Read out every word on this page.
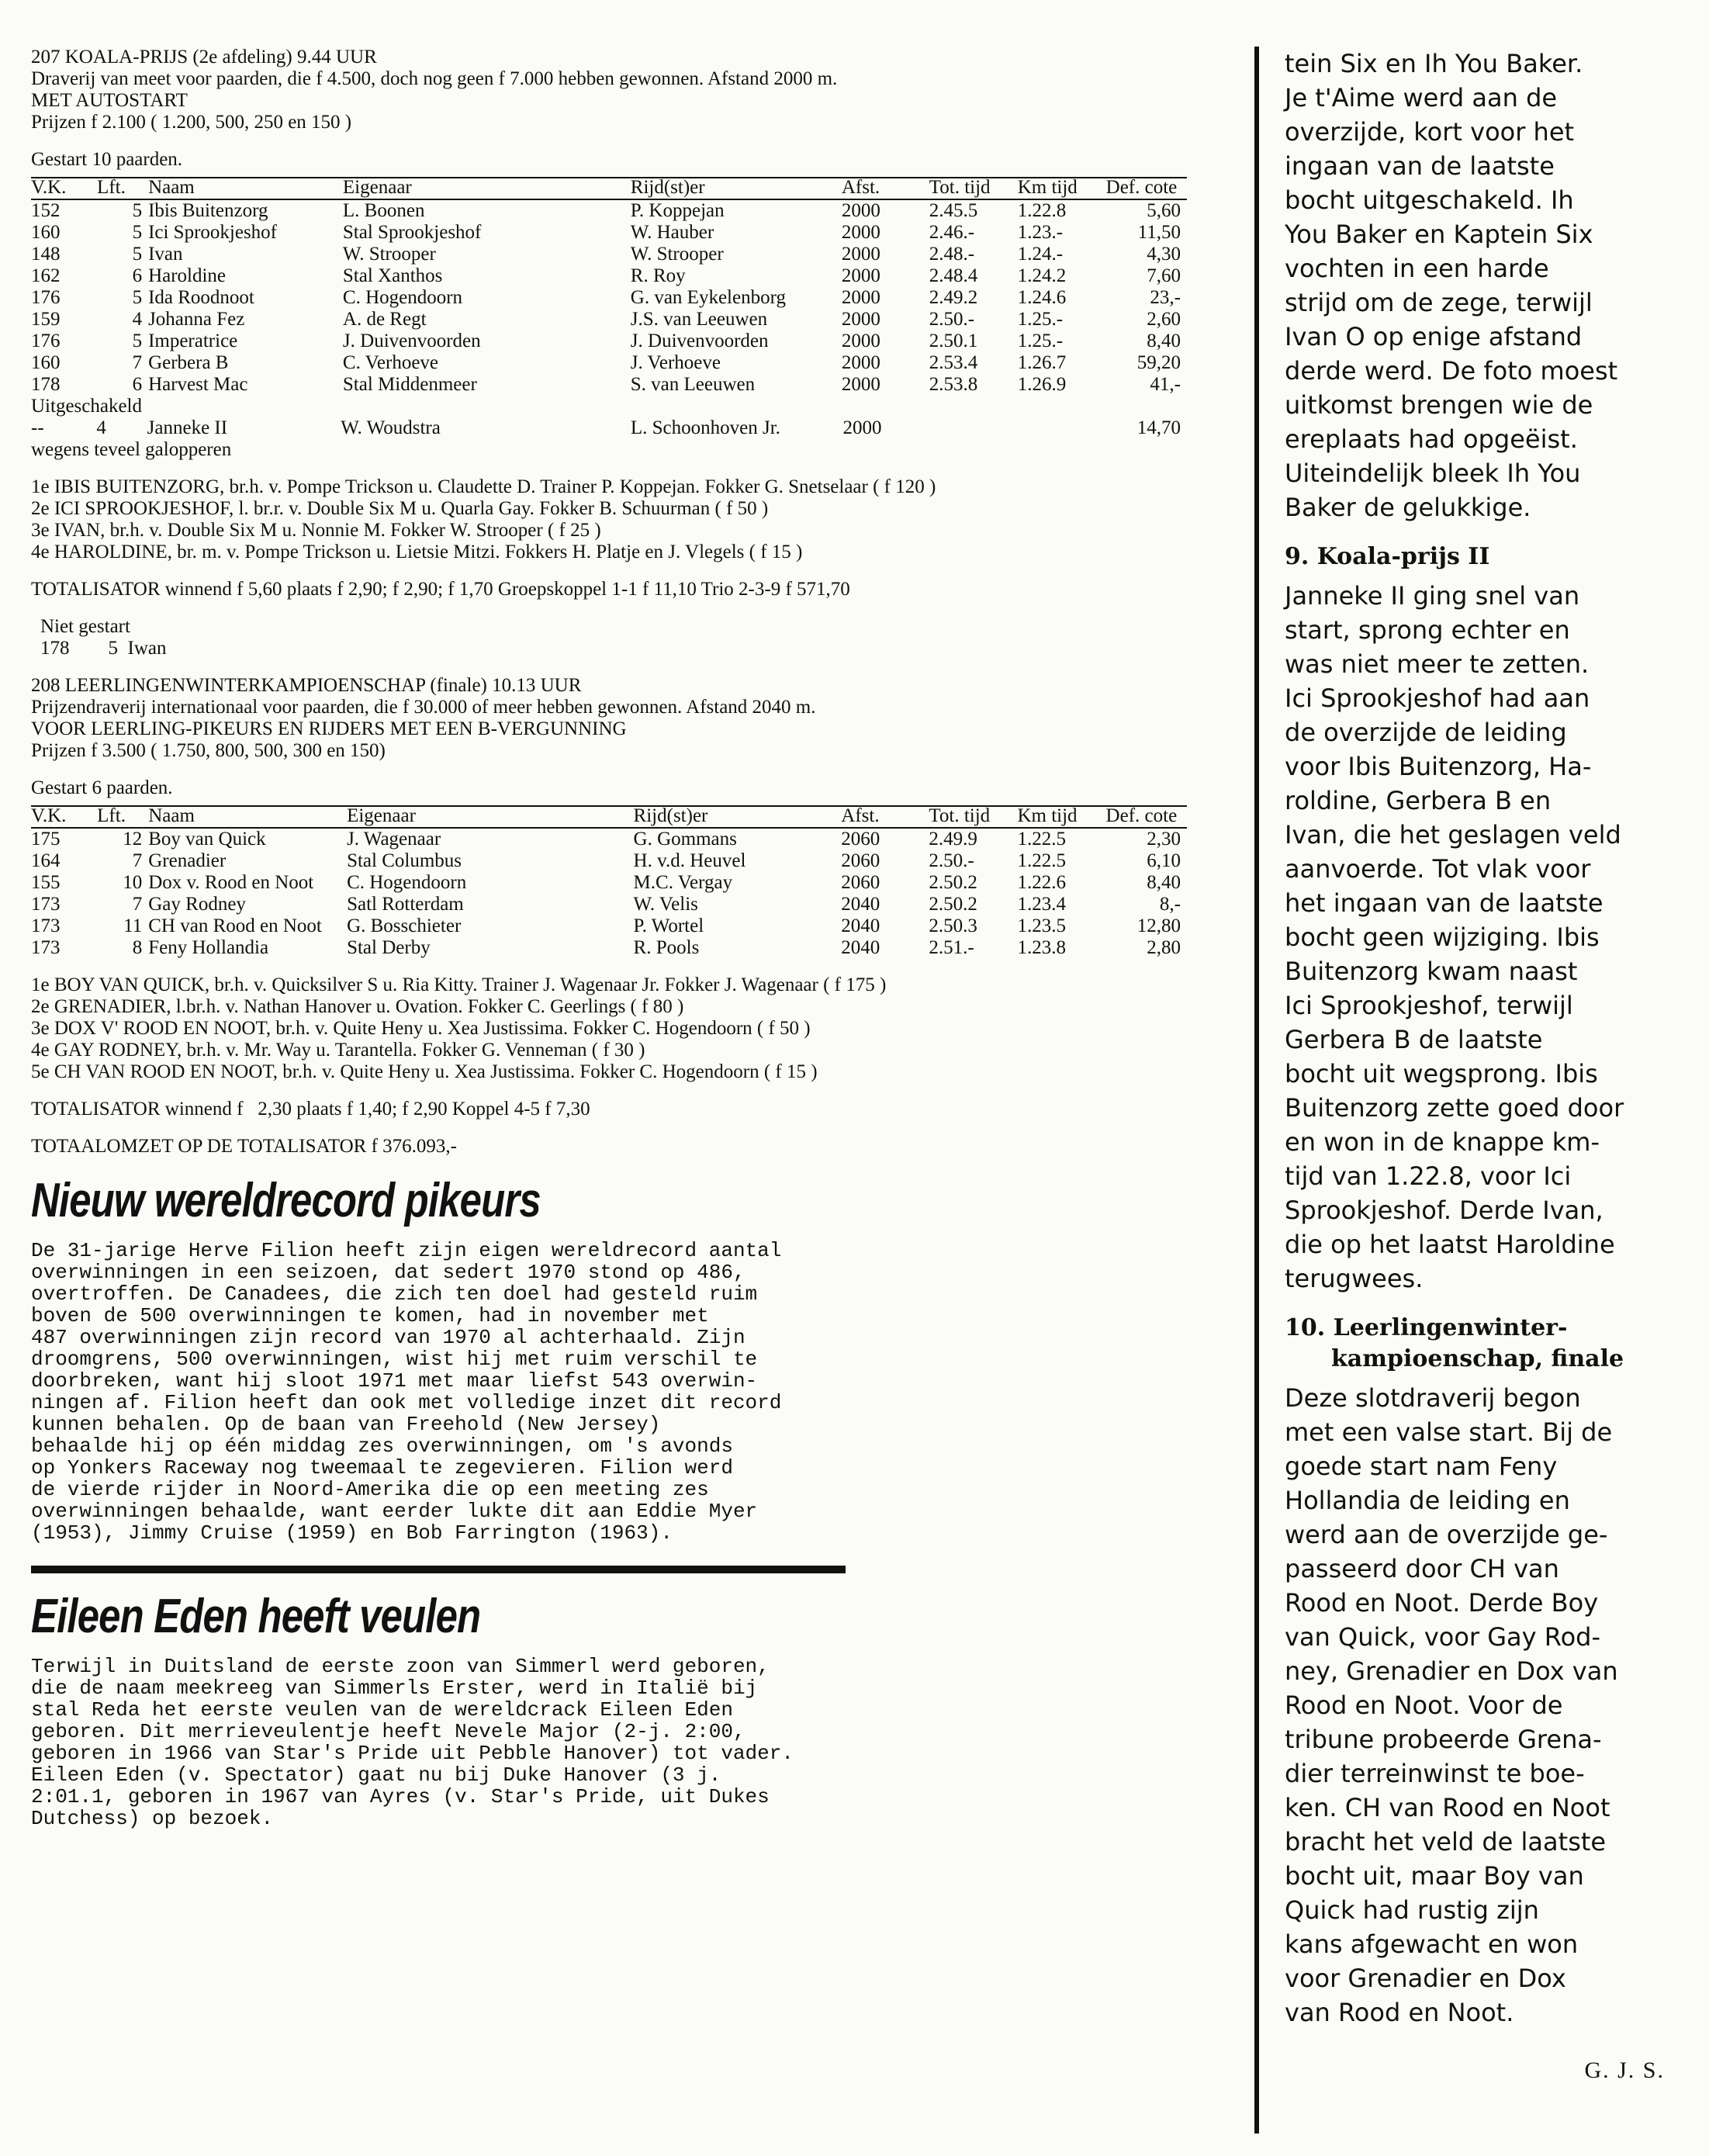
207 KOALA-PRIJS (2e afdeling) 9.44 UUR
Draverij van meet voor paarden, die f 4.500, doch nog geen f 7.000 hebben gewonnen. Afstand 2000 m.
MET AUTOSTART
Prijzen f 2.100 ( 1.200, 500, 250 en 150 )
Gestart 10 paarden.
V.K.	Lft.	Naam	Eigenaar	Rijd(st)er	Afst.	Tot. tijd	Km tijd	Def. cote
152	5	Ibis Buitenzorg	L. Boonen	P. Koppejan	2000	2.45.5	1.22.8	5,60
160	5	Ici Sprookjeshof	Stal Sprookjeshof	W. Hauber	2000	2.46.-	1.23.-	11,50
148	5	Ivan	W. Strooper	W. Strooper	2000	2.48.-	1.24.-	4,30
162	6	Haroldine	Stal Xanthos	R. Roy	2000	2.48.4	1.24.2	7,60
176	5	Ida Roodnoot	C. Hogendoorn	G. van Eykelenborg	2000	2.49.2	1.24.6	23,-
159	4	Johanna Fez	A. de Regt	J.S. van Leeuwen	2000	2.50.-	1.25.-	2,60
176	5	Imperatrice	J. Duivenvoorden	J. Duivenvoorden	2000	2.50.1	1.25.-	8,40
160	7	Gerbera B	C. Verhoeve	J. Verhoeve	2000	2.53.4	1.26.7	59,20
178	6	Harvest Mac	Stal Middenmeer	S. van Leeuwen	2000	2.53.8	1.26.9	41,-
Uitgeschakeld
--	4	Janneke II	W. Woudstra	L. Schoonhoven Jr.	2000			14,70
wegens teveel galopperen
1e IBIS BUITENZORG, br.h. v. Pompe Trickson u. Claudette D. Trainer P. Koppejan. Fokker G. Snetselaar ( f 120 )
2e ICI SPROOKJESHOF, l. br.r. v. Double Six M u. Quarla Gay. Fokker B. Schuurman ( f 50 )
3e IVAN, br.h. v. Double Six M u. Nonnie M. Fokker W. Strooper ( f 25 )
4e HAROLDINE, br. m. v. Pompe Trickson u. Lietsie Mitzi. Fokkers H. Platje en J. Vlegels ( f 15 )
TOTALISATOR winnend f 5,60 plaats f 2,90; f 2,90; f 1,70 Groepskoppel 1-1 f 11,10 Trio 2-3-9 f 571,70
Niet gestart
178        5  Iwan
208 LEERLINGENWINTERKAMPIOENSCHAP (finale) 10.13 UUR
Prijzendraverij internationaal voor paarden, die f 30.000 of meer hebben gewonnen. Afstand 2040 m.
VOOR LEERLING-PIKEURS EN RIJDERS MET EEN B-VERGUNNING
Prijzen f 3.500 ( 1.750, 800, 500, 300 en 150)
Gestart 6 paarden.
V.K.	Lft.	Naam	Eigenaar	Rijd(st)er	Afst.	Tot. tijd	Km tijd	Def. cote
175	12	Boy van Quick	J. Wagenaar	G. Gommans	2060	2.49.9	1.22.5	2,30
164	7	Grenadier	Stal Columbus	H. v.d. Heuvel	2060	2.50.-	1.22.5	6,10
155	10	Dox v. Rood en Noot	C. Hogendoorn	M.C. Vergay	2060	2.50.2	1.22.6	8,40
173	7	Gay Rodney	Satl Rotterdam	W. Velis	2040	2.50.2	1.23.4	8,-
173	11	CH van Rood en Noot	G. Bosschieter	P. Wortel	2040	2.50.3	1.23.5	12,80
173	8	Feny Hollandia	Stal Derby	R. Pools	2040	2.51.-	1.23.8	2,80
1e BOY VAN QUICK, br.h. v. Quicksilver S u. Ria Kitty. Trainer J. Wagenaar Jr. Fokker J. Wagenaar ( f 175 )
2e GRENADIER, l.br.h. v. Nathan Hanover u. Ovation. Fokker C. Geerlings ( f 80 )
3e DOX V' ROOD EN NOOT, br.h. v. Quite Heny u. Xea Justissima. Fokker C. Hogendoorn ( f 50 )
4e GAY RODNEY, br.h. v. Mr. Way u. Tarantella. Fokker G. Venneman ( f 30 )
5e CH VAN ROOD EN NOOT, br.h. v. Quite Heny u. Xea Justissima. Fokker C. Hogendoorn ( f 15 )
TOTALISATOR winnend f   2,30 plaats f 1,40; f 2,90 Koppel 4-5 f 7,30
TOTAALOMZET OP DE TOTALISATOR f 376.093,-
Nieuw wereldrecord pikeurs
De 31-jarige Herve Filion heeft zijn eigen wereldrecord aantal
overwinningen in een seizoen, dat sedert 1970 stond op 486,
overtroffen. De Canadees, die zich ten doel had gesteld ruim
boven de 500 overwinningen te komen, had in november met
487 overwinningen zijn record van 1970 al achterhaald. Zijn
droomgrens, 500 overwinningen, wist hij met ruim verschil te
doorbreken, want hij sloot 1971 met maar liefst 543 overwin-
ningen af. Filion heeft dan ook met volledige inzet dit record
kunnen behalen. Op de baan van Freehold (New Jersey)
behaalde hij op één middag zes overwinningen, om 's avonds
op Yonkers Raceway nog tweemaal te zegevieren. Filion werd
de vierde rijder in Noord-Amerika die op een meeting zes
overwinningen behaalde, want eerder lukte dit aan Eddie Myer
(1953), Jimmy Cruise (1959) en Bob Farrington (1963).
Eileen Eden heeft veulen
Terwijl in Duitsland de eerste zoon van Simmerl werd geboren,
die de naam meekreeg van Simmerls Erster, werd in Italië bij
stal Reda het eerste veulen van de wereldcrack Eileen Eden
geboren. Dit merrieveulentje heeft Nevele Major (2-j. 2:00,
geboren in 1966 van Star's Pride uit Pebble Hanover) tot vader.
Eileen Eden (v. Spectator) gaat nu bij Duke Hanover (3 j.
2:01.1, geboren in 1967 van Ayres (v. Star's Pride, uit Dukes
Dutchess) op bezoek.
tein Six en Ih You Baker.
Je t'Aime werd aan de
overzijde, kort voor het
ingaan van de laatste
bocht uitgeschakeld. Ih
You Baker en Kaptein Six
vochten in een harde
strijd om de zege, terwijl
Ivan O op enige afstand
derde werd. De foto moest
uitkomst brengen wie de
ereplaats had opgeëist.
Uiteindelijk bleek Ih You
Baker de gelukkige.
9. Koala-prijs II
Janneke II ging snel van
start, sprong echter en
was niet meer te zetten.
Ici Sprookjeshof had aan
de overzijde de leiding
voor Ibis Buitenzorg, Ha-
roldine, Gerbera B en
Ivan, die het geslagen veld
aanvoerde. Tot vlak voor
het ingaan van de laatste
bocht geen wijziging. Ibis
Buitenzorg kwam naast
Ici Sprookjeshof, terwijl
Gerbera B de laatste
bocht uit wegsprong. Ibis
Buitenzorg zette goed door
en won in de knappe km-
tijd van 1.22.8, voor Ici
Sprookjeshof. Derde Ivan,
die op het laatst Haroldine
terugwees.
10. Leerlingenwinter-
kampioenschap, finale
Deze slotdraverij begon
met een valse start. Bij de
goede start nam Feny
Hollandia de leiding en
werd aan de overzijde ge-
passeerd door CH van
Rood en Noot. Derde Boy
van Quick, voor Gay Rod-
ney, Grenadier en Dox van
Rood en Noot. Voor de
tribune probeerde Grena-
dier terreinwinst te boe-
ken. CH van Rood en Noot
bracht het veld de laatste
bocht uit, maar Boy van
Quick had rustig zijn
kans afgewacht en won
voor Grenadier en Dox
van Rood en Noot.
G. J. S.
